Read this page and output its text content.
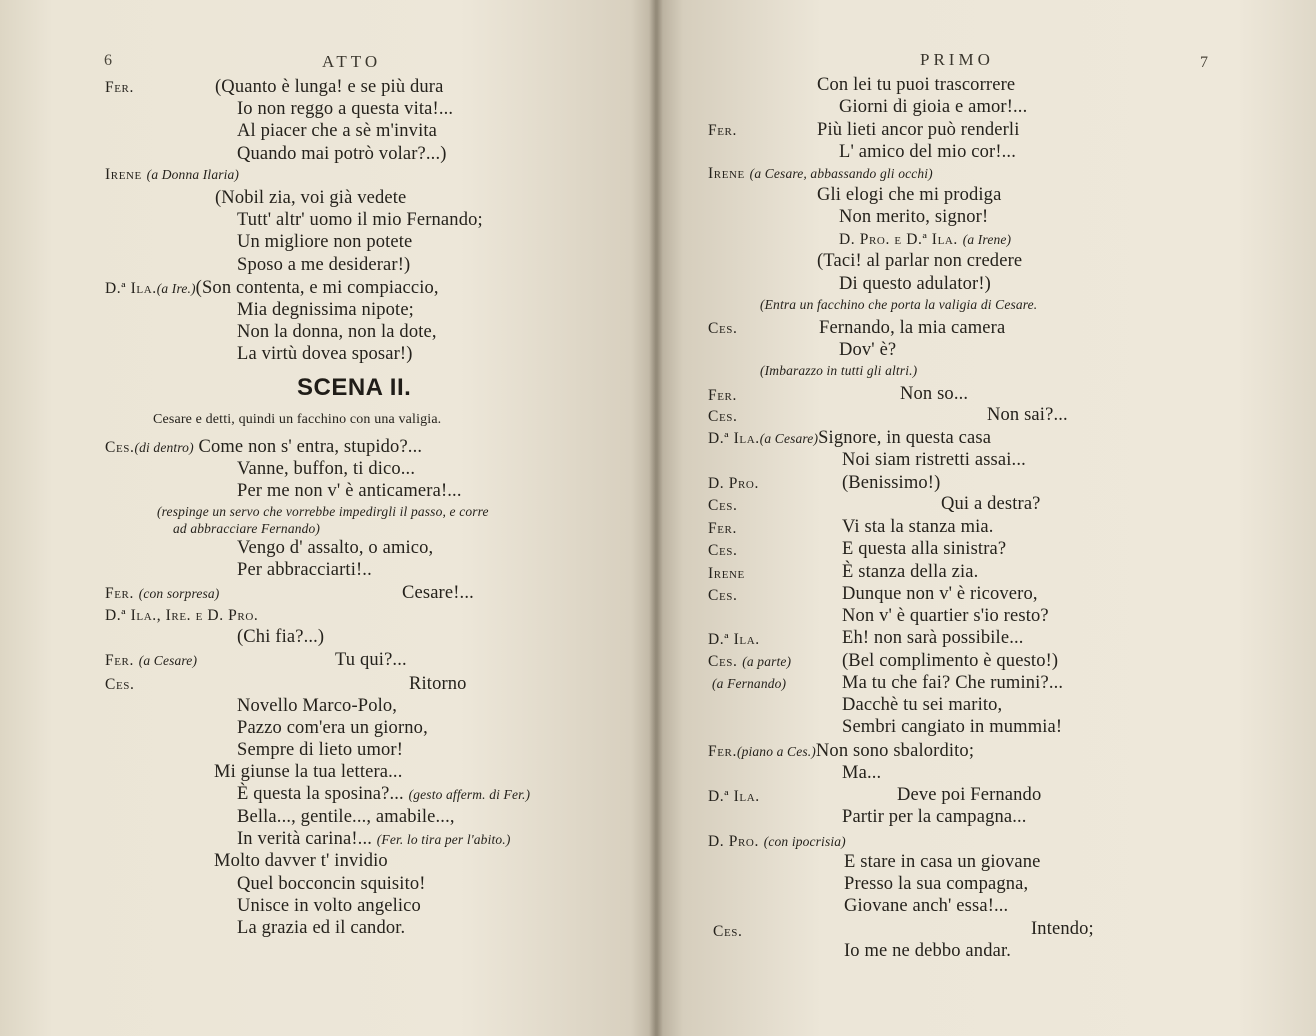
6	ATTO
Fer.	(Quanto è lunga! e se più dura
Io non reggo a questa vita!...
Al piacer che a sè m'invita
Quando mai potrò volar?...)
Irene (a Donna Ilaria)
(Nobil zia, voi già vedete
Tutt' altr' uomo il mio Fernando;
Un migliore non potete
Sposo a me desiderar!)
D.ª Ila.(a Ire.)(Son contenta, e mi compiaccio,
Mia degnissima nipote;
Non la donna, non la dote,
La virtù dovea sposar!)
SCENA II.
Cesare e detti, quindi un facchino con una valigia.
Ces.(di dentro) Come non s' entra, stupido?...
Vanne, buffon, ti dico...
Per me non v' è anticamera!...
(respinge un servo che vorrebbe impedirgli il passo, e corre
ad abbracciare Fernando)
Vengo d' assalto, o amico,
Per abbracciarti!..
Fer. (con sorpresa)	Cesare!...
D.ª Ila., Ire. e D. Pro.
(Chi fia?...)
Fer. (a Cesare)	Tu qui?...
Ces.	Ritorno
Novello Marco-Polo,
Pazzo com'era un giorno,
Sempre di lieto umor!
Mi giunse la tua lettera...
È questa la sposina?... (gesto afferm. di Fer.)
Bella..., gentile..., amabile...,
In verità carina!... (Fer. lo tira per l'abito.)
Molto davver t' invidio
Quel bocconcin squisito!
Unisce in volto angelico
La grazia ed il candor.
PRIMO	7
Con lei tu puoi trascorrere
Giorni di gioia e amor!...
Fer.	Più lieti ancor può renderli
L' amico del mio cor!...
Irene (a Cesare, abbassando gli occhi)
Gli elogi che mi prodiga
Non merito, signor!
D. Pro. e D.ª Ila. (a Irene)
(Taci! al parlar non credere
Di questo adulator!)
(Entra un facchino che porta la valigia di Cesare.
Ces.	Fernando, la mia camera
Dov' è?
(Imbarazzo in tutti gli altri.)
Fer.	Non so...
Ces.	Non sai?...
D.ª Ila.(a Cesare)Signore, in questa casa
Noi siam ristretti assai...
D. Pro.	(Benissimo!)
Ces.	Qui a destra?
Fer.	Vi sta la stanza mia.
Ces.	E questa alla sinistra?
Irene	È stanza della zia.
Ces.	Dunque non v' è ricovero,
Non v' è quartier s'io resto?
D.ª Ila.	Eh! non sarà possibile...
Ces. (a parte)	(Bel complimento è questo!)
(a Fernando)	Ma tu che fai? Che rumini?...
Dacchè tu sei marito,
Sembri cangiato in mummia!
Fer.(piano a Ces.)Non sono sbalordito;
Ma...
D.ª Ila.	Deve poi Fernando
Partir per la campagna...
D. Pro. (con ipocrisia)
E stare in casa un giovane
Presso la sua compagna,
Giovane anch' essa!...
Ces.	Intendo;
Io me ne debbo andar.
